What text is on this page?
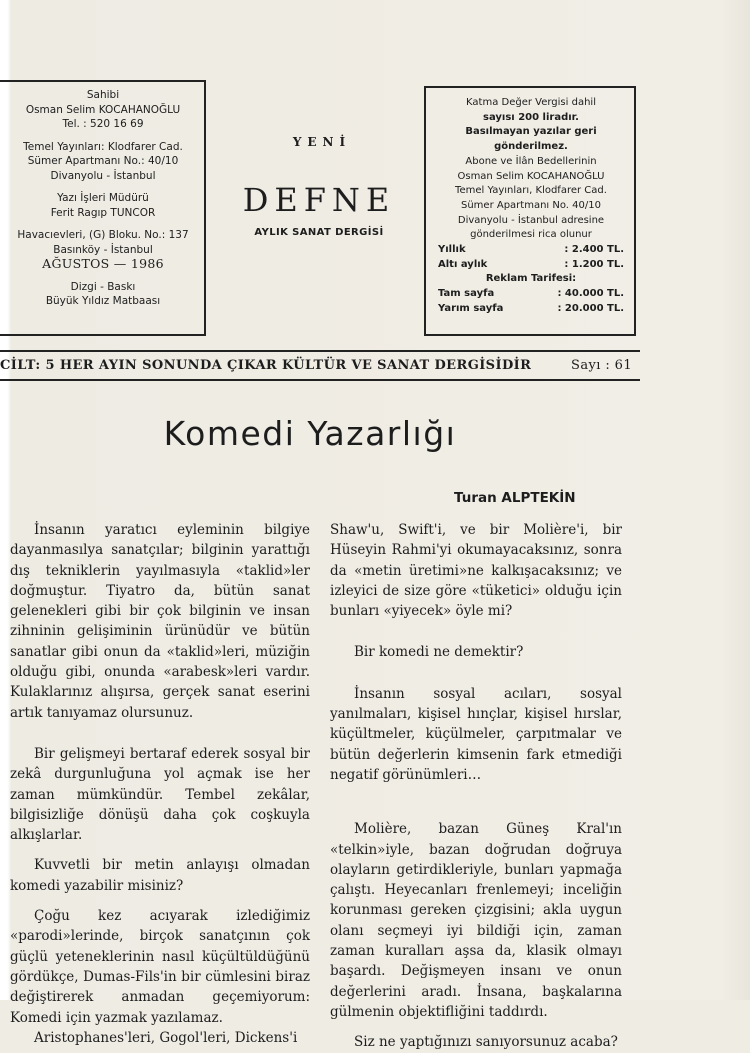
Sahibi
Osman Selim KOCAHANOĞLU
Tel. : 520 16 69
Temel Yayınları: Klodfarer Cad.
Sümer Apartmanı No.: 40/10
Divanyolu - İstanbul
Yazı İşleri Müdürü
Ferit Ragıp TUNCOR
Havacıevleri, (G) Bloku. No.: 137
Basınköy - İstanbul
AĞUSTOS — 1986
Dizgi - Baskı
Büyük Yıldız Matbaası
YENİ
DEFNE
AYLIK SANAT DERGİSİ
Katma Değer Vergisi dahil
sayısı 200 liradır.
Basılmayan yazılar geri
gönderilmez.
Abone ve İlân Bedellerinin
Osman Selim KOCAHANOĞLU
Temel Yayınları, Klodfarer Cad.
Sümer Apartmanı No. 40/10
Divanyolu - İstanbul adresine
gönderilmesi rica olunur
Yıllık	: 2.400 TL.
Altı aylık	: 1.200 TL.
Reklam Tarifesi:
Tam sayfa	: 40.000 TL.
Yarım sayfa	: 20.000 TL.
CİLT: 5 HER AYIN SONUNDA ÇIKAR KÜLTÜR VE SANAT DERGİSİDİR	Sayı : 61
Komedi Yazarlığı
Turan ALPTEKİN

İnsanın yaratıcı eyleminin bilgiye dayanmasılya sanatçılar; bilginin yarattığı dış tekniklerin yayılmasıyla «taklid»ler doğmuştur. Tiyatro da, bütün sanat gelenekleri gibi bir çok bilginin ve insan zihninin gelişiminin ürünüdür ve bütün sanatlar gibi onun da «taklid»leri, müziğin olduğu gibi, onunda «arabesk»leri vardır. Kulaklarınız alışırsa, gerçek sanat eserini artık tanıyamaz olursunuz.

Bir gelişmeyi bertaraf ederek sosyal bir zekâ durgunluğuna yol açmak ise her zaman mümkündür. Tembel zekâlar, bilgisizliğe dönüşü daha çok coşkuyla alkışlarlar.

Kuvvetli bir metin anlayışı olmadan komedi yazabilir misiniz?

Çoğu kez acıyarak izlediğimiz «parodi»lerinde, birçok sanatçının çok güçlü yeteneklerinin nasıl küçültüldüğünü gördükçe, Dumas-Fils'in bir cümlesini biraz değiştirerek anmadan geçemiyorum: Komedi için yazmak yazılamaz.

Aristophanes'leri, Gogol'leri, Dickens'i

Shaw'u, Swift'i, ve bir Molière'i, bir Hüseyin Rahmi'yi okumayacaksınız, sonra da «metin üretimi»ne kalkışacaksınız; ve izleyici de size göre «tüketici» olduğu için bunları «yiyecek» öyle mi?

Bir komedi ne demektir?

İnsanın sosyal acıları, sosyal yanılmaları, kişisel hınçlar, kişisel hırslar, küçültmeler, küçülmeler, çarpıtmalar ve bütün değerlerin kimsenin fark etmediği negatif görünümleri…

Molière, bazan Güneş Kral'ın «telkin»iyle, bazan doğrudan doğruya olayların getirdikleriyle, bunları yapmağa çalıştı. Heyecanları frenlemeyi; inceliğin korunması gereken çizgisini; akla uygun olanı seçmeyi iyi bildiği için, zaman zaman kuralları aşsa da, klasik olmayı başardı. Değişmeyen insanı ve onun değerlerini aradı. İnsana, başkalarına gülmenin objektifliğini taddırdı.

Siz ne yaptığınızı sanıyorsunuz acaba?
